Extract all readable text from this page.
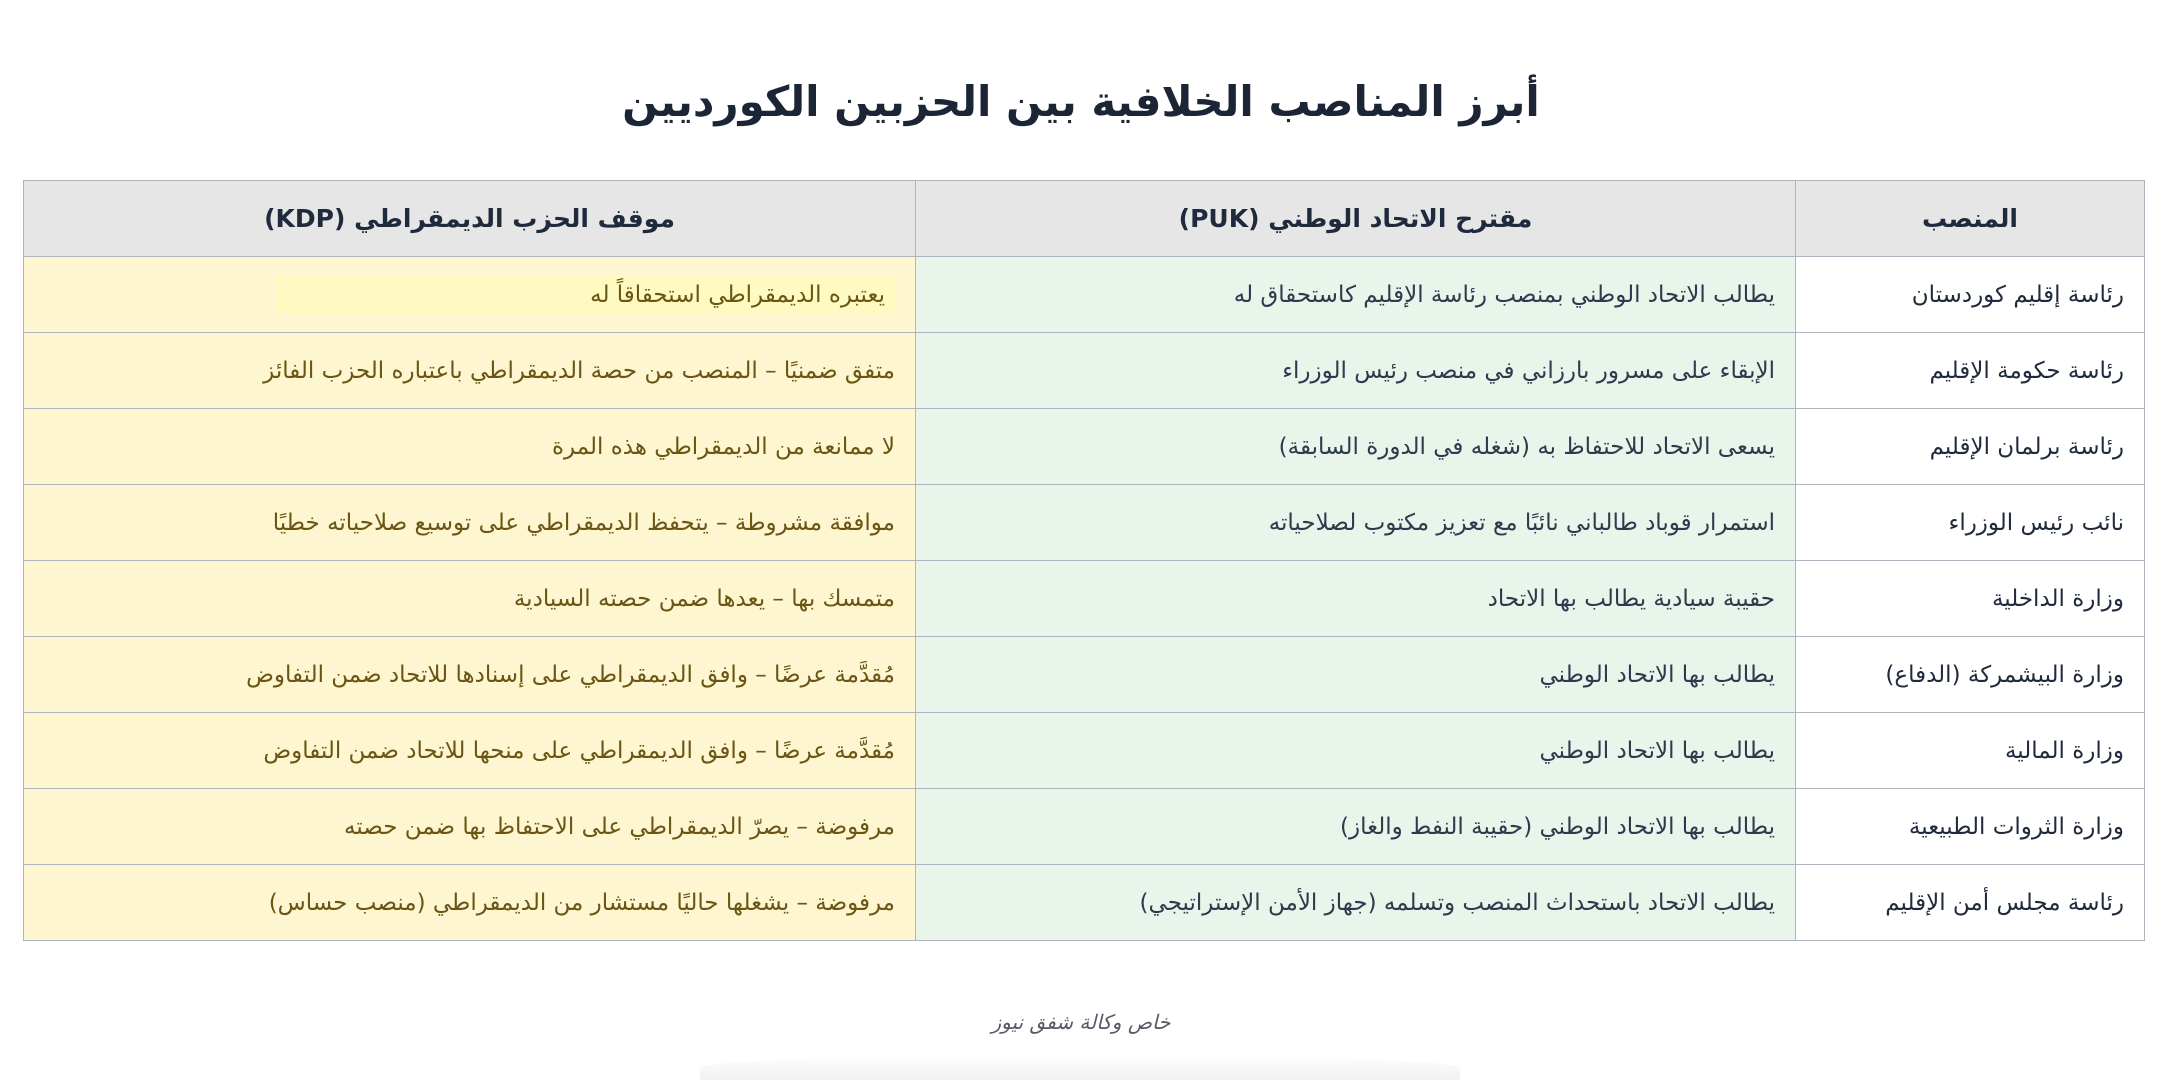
أبرز المناصب الخلافية بين الحزبين الكورديين
المنصب	مقترح الاتحاد الوطني (PUK)	موقف الحزب الديمقراطي (KDP)
رئاسة إقليم كوردستان	يطالب الاتحاد الوطني بمنصب رئاسة الإقليم كاستحقاق له	يعتبره الديمقراطي استحقاقاً له
رئاسة حكومة الإقليم	الإبقاء على مسرور بارزاني في منصب رئيس الوزراء	متفق ضمنيًا – المنصب من حصة الديمقراطي باعتباره الحزب الفائز
رئاسة برلمان الإقليم	يسعى الاتحاد للاحتفاظ به (شغله في الدورة السابقة)	لا ممانعة من الديمقراطي هذه المرة
نائب رئيس الوزراء	استمرار قوباد طالباني نائبًا مع تعزيز مكتوب لصلاحياته	موافقة مشروطة – يتحفظ الديمقراطي على توسيع صلاحياته خطيًا
وزارة الداخلية	حقيبة سيادية يطالب بها الاتحاد	متمسك بها – يعدها ضمن حصته السيادية
وزارة البيشمركة (الدفاع)	يطالب بها الاتحاد الوطني	مُقدَّمة عرضًا – وافق الديمقراطي على إسنادها للاتحاد ضمن التفاوض
وزارة المالية	يطالب بها الاتحاد الوطني	مُقدَّمة عرضًا – وافق الديمقراطي على منحها للاتحاد ضمن التفاوض
وزارة الثروات الطبيعية	يطالب بها الاتحاد الوطني (حقيبة النفط والغاز)	مرفوضة – يصرّ الديمقراطي على الاحتفاظ بها ضمن حصته
رئاسة مجلس أمن الإقليم	يطالب الاتحاد باستحداث المنصب وتسلمه (جهاز الأمن الإستراتيجي)	مرفوضة – يشغلها حاليًا مستشار من الديمقراطي (منصب حساس)
خاص وكالة شفق نيوز
